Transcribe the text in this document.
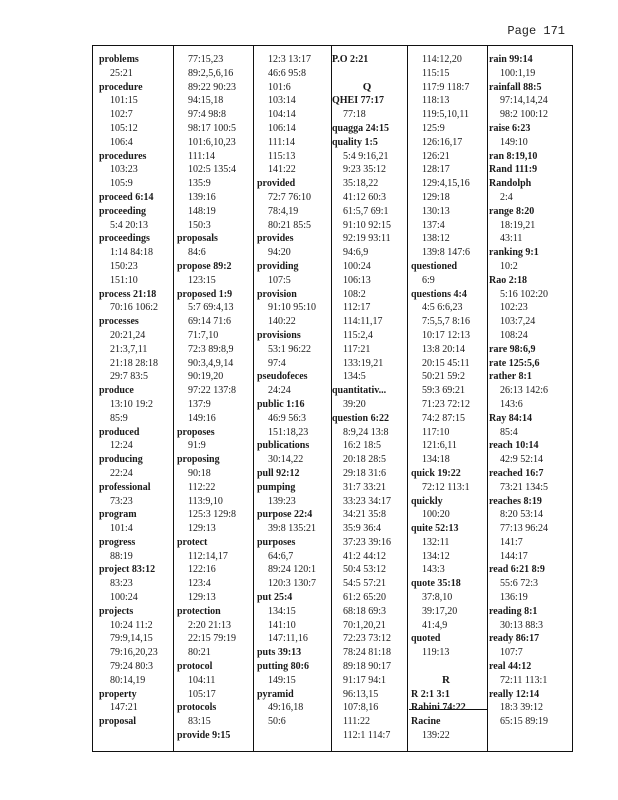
Page 171
problems
25:21
procedure
101:15
102:7
105:12
106:4
procedures
103:23
105:9
proceed 6:14
proceeding
5:4 20:13
proceedings
1:14 84:18
150:23
151:10
process 21:18
70:16 106:2
processes
20:21,24
21:3,7,11
21:18 28:18
29:7 83:5
produce
13:10 19:2
85:9
produced
12:24
producing
22:24
professional
73:23
program
101:4
progress
88:19
project 83:12
83:23
100:24
projects
10:24 11:2
79:9,14,15
79:16,20,23
79:24 80:3
80:14,19
property
147:21
proposal
77:15,23
89:2,5,6,16
89:22 90:23
94:15,18
97:4 98:8
98:17 100:5
101:6,10,23
111:14
102:5 135:4
135:9
139:16
148:19
150:3
proposals
84:6
propose 89:2
123:15
proposed 1:9
5:7 69:4,13
69:14 71:6
71:7,10
72:3 89:8,9
90:3,4,9,14
90:19,20
97:22 137:8
137:9
149:16
proposes
91:9
proposing
90:18
112:22
113:9,10
125:3 129:8
129:13
protect
112:14,17
122:16
123:4
129:13
protection
2:20 21:13
22:15 79:19
80:21
protocol
104:11
105:17
protocols
83:15
provide 9:15
12:3 13:17
46:6 95:8
101:6
103:14
104:14
106:14
111:14
115:13
141:22
provided
72:7 76:10
78:4,19
80:21 85:5
provides
94:20
providing
107:5
provision
91:10 95:10
140:22
provisions
53:1 96:22
97:4
pseudofeces
24:24
public 1:16
46:9 56:3
151:18,23
publications
30:14,22
pull 92:12
pumping
139:23
purpose 22:4
39:8 135:21
purposes
64:6,7
89:24 120:1
120:3 130:7
put 25:4
134:15
141:10
147:11,16
puts 39:13
putting 80:6
149:15
pyramid
49:16,18
50:6
P.O 2:21
Q
QHEI 77:17
77:18
quagga 24:15
quality 1:5
5:4 9:16,21
9:23 35:12
35:18,22
41:12 60:3
61:5,7 69:1
91:10 92:15
92:19 93:11
94:6,9
100:24
106:13
108:2
112:17
114:11,17
115:2,4
117:21
133:19,21
134:5
quantitativ...
39:20
question 6:22
8:9,24 13:8
16:2 18:5
20:18 28:5
29:18 31:6
31:7 33:21
33:23 34:17
34:21 35:8
35:9 36:4
37:23 39:16
41:2 44:12
50:4 53:12
54:5 57:21
61:2 65:20
68:18 69:3
70:1,20,21
72:23 73:12
78:24 81:18
89:18 90:17
91:17 94:1
96:13,15
107:8,16
111:22
112:1 114:7
114:12,20
115:15
117:9 118:7
118:13
119:5,10,11
125:9
126:16,17
126:21
128:17
129:4,15,16
129:18
130:13
137:4
138:12
139:8 147:6
questioned
6:9
questions 4:4
4:5 6:6,23
7:5,5,7 8:16
10:17 12:13
13:8 20:14
20:15 45:11
50:21 59:2
59:3 69:21
71:23 72:12
74:2 87:15
117:10
121:6,11
134:18
quick 19:22
72:12 113:1
quickly
100:20
quite 52:13
132:11
134:12
143:3
quote 35:18
37:8,10
39:17,20
41:4,9
quoted
119:13
R
R 2:1 3:1
Rabini 74:22
Racine
139:22
rain 99:14
100:1,19
rainfall 88:5
97:14,14,24
98:2 100:12
raise 6:23
149:10
ran 8:19,10
Rand 111:9
Randolph
2:4
range 8:20
18:19,21
43:11
ranking 9:1
10:2
Rao 2:18
5:16 102:20
102:23
103:7,24
108:24
rare 98:6,9
rate 125:5,6
rather 8:1
26:13 142:6
143:6
Ray 84:14
85:4
reach 10:14
42:9 52:14
reached 16:7
73:21 134:5
reaches 8:19
8:20 53:14
77:13 96:24
141:7
144:17
read 6:21 8:9
55:6 72:3
136:19
reading 8:1
30:13 88:3
ready 86:17
107:7
real 44:12
72:11 113:1
really 12:14
18:3 39:12
65:15 89:19
